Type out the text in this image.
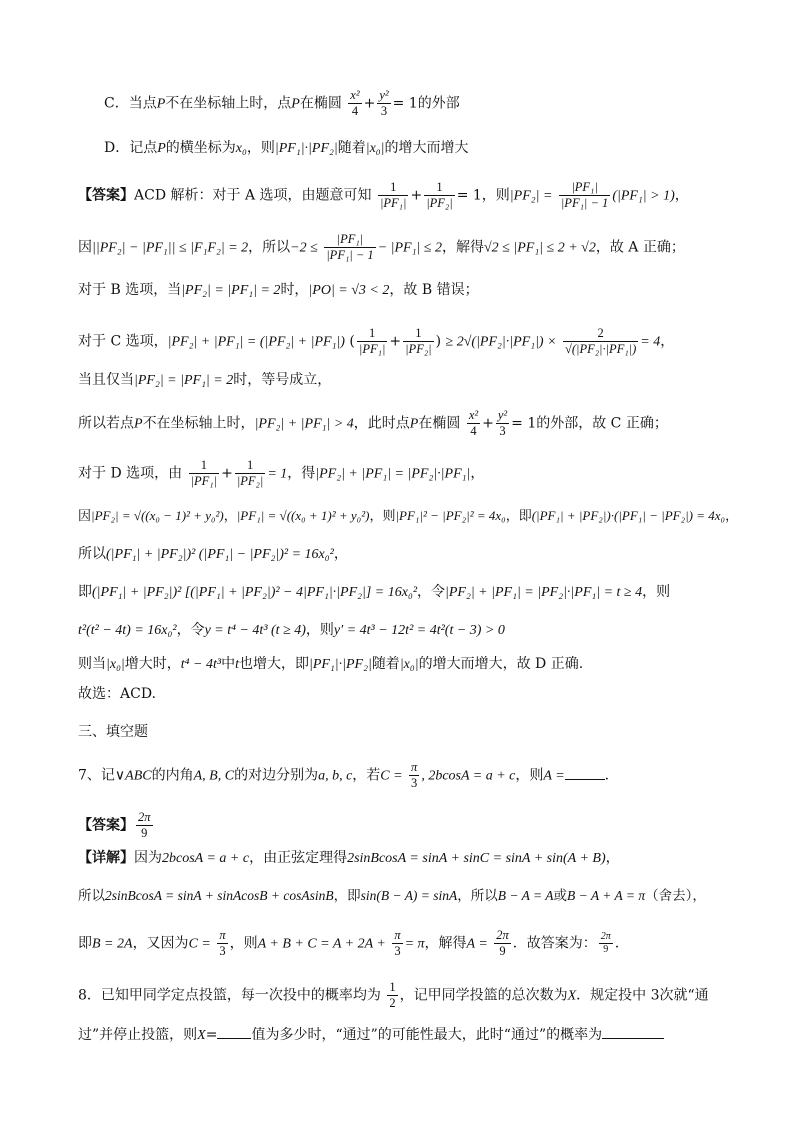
C．当点P不在坐标轴上时，点P在椭圆 $\frac{\text{x²}}{4} + \frac{\text{y²}}{3} = 1$的外部
D．记点P的横坐标为x₀，则|PF₁|·|PF₂|随着|x₀|的增大而增大
【答案】ACD 解析：对于 A 选项，由题意可知 $\frac{1}{\text{|PF₁|}} + \frac{1}{\text{|PF₂|}} = 1$，则$|PF_2| = \frac{\text{|PF₁|}}{\text{|PF₁| − 1}} (|PF_1| > 1)$，
因||PF₂| − |PF₁|| ≤ |F₁F₂| = 2，所以$-2 \le \frac{\text{|PF₁|}}{\text{|PF₁| − 1}} - |PF_1| \le 2$，解得√2 ≤ |PF₁| ≤ 2 + √2，故 A 正确；
对于 B 选项，当|PF₂| = |PF₁| = 2时，|PO| = √3 < 2，故 B 错误；
对于 C 选项，|PF₂| + |PF₁| = (|PF₂| + |PF₁|) ( $\frac{1}{\text{|PF₁|}} + \frac{1}{\text{|PF₂|}}$ ) ≥ $2√(|PF_2|\cdot|PF_1|) \times \frac{2}{\text{√(|PF₂|·|PF₁|)}} = 4$，
当且仅当|PF₂| = |PF₁| = 2时，等号成立，
所以若点P不在坐标轴上时，|PF₂| + |PF₁| > 4，此时点P在椭圆 $\frac{\text{x²}}{4} + \frac{\text{y²}}{3} = 1$的外部，故 C 正确；
对于 D 选项，由 $\frac{1}{\text{|PF₁|}} + \frac{1}{\text{|PF₂|}} = 1$，得|PF₂| + |PF₁| = |PF₂|·|PF₁|，
因|PF₂| = √((x₀ − 1)² + y₀²)，|PF₁| = √((x₀ + 1)² + y₀²)，则|PF₁|² − |PF₂|² = 4x₀，即(|PF₁| + |PF₂|)·(|PF₁| − |PF₂|) = 4x₀，
所以(|PF₁| + |PF₂|)² (|PF₁| − |PF₂|)² = 16x₀²，
即(|PF₁| + |PF₂|)² [(|PF₁| + |PF₂|)² − 4|PF₁|·|PF₂|] = 16x₀²，令|PF₂| + |PF₁| = |PF₂|·|PF₁| = t ≥ 4，则
t²(t² − 4t) = 16x₀²，令y = t⁴ − 4t³ (t ≥ 4)，则y′ = 4t³ − 12t² = 4t²(t − 3) > 0
则当|x₀|增大时，t⁴ − 4t³中t也增大，即|PF₁|·|PF₂|随着|x₀|的增大而增大，故 D 正确.
故选：ACD.
三、填空题
7、记∨ABC的内角A, B, C的对边分别为a, b, c，若$C = \frac{\pi}{3}$ , 2bcosA = a + c，则A =	.
【答案】 $\frac{2\pi}{9}$
【详解】因为2bcosA = a + c，由正弦定理得2sinBcosA = sinA + sinC = sinA + sin(A + B)，
所以2sinBcosA = sinA + sinAcosB + cosAsinB，即sin(B − A) = sinA，所以B − A = A或B − A + A = π（舍去），
即B = 2A，又因为$C = \frac{\pi}{3}$ ，则$A + B + C = A + 2A + \frac{\pi}{3} = \pi$，解得$A = \frac{2\pi}{9}$ ．故答案为： $\frac{2\pi}{9}$ .
8．已知甲同学定点投篮，每一次投中的概率均为 $\frac{1}{2}$ ，记甲同学投篮的总次数为X．规定投中 3次就“通
过”并停止投篮，则X= 值为多少时，“通过”的可能性最大，此时“通过”的概率为
